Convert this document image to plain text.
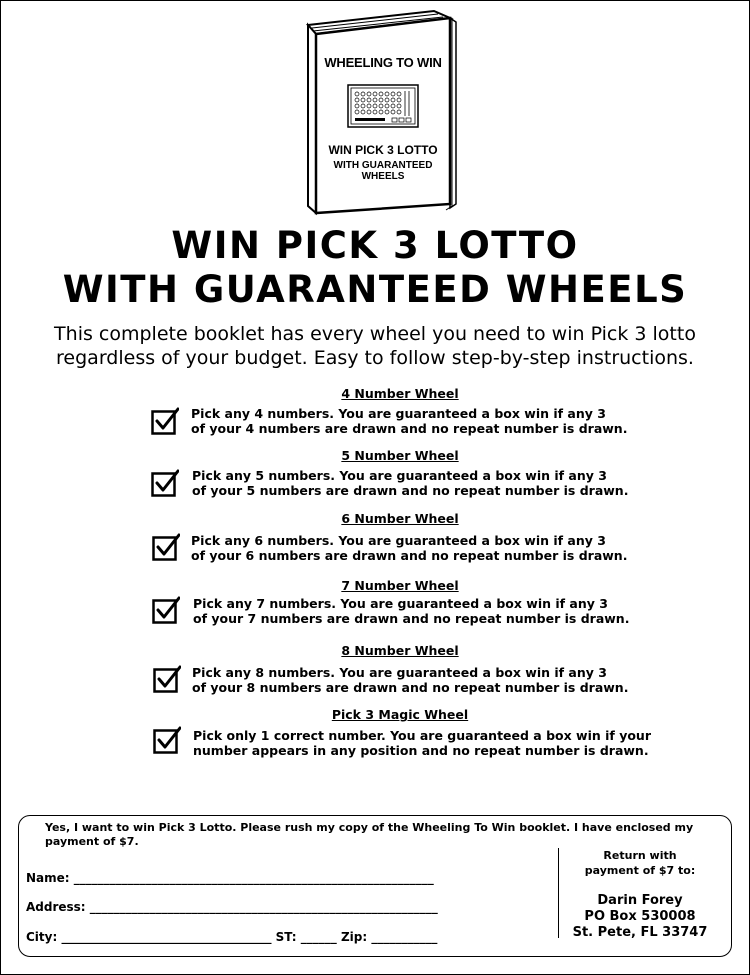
WHEELING TO WIN
WIN PICK 3 LOTTO
WITH GUARANTEED WHEELS
WIN PICK 3 LOTTO
WITH GUARANTEED WHEELS
This complete booklet has every wheel you need to win Pick 3 lotto
regardless of your budget. Easy to follow step-by-step instructions.
4 Number Wheel
Pick any 4 numbers. You are guaranteed a box win if any 3
of your 4 numbers are drawn and no repeat number is drawn.
5 Number Wheel
Pick any 5 numbers. You are guaranteed a box win if any 3
of your 5 numbers are drawn and no repeat number is drawn.
6 Number Wheel
Pick any 6 numbers. You are guaranteed a box win if any 3
of your 6 numbers are drawn and no repeat number is drawn.
7 Number Wheel
Pick any 7 numbers. You are guaranteed a box win if any 3
of your 7 numbers are drawn and no repeat number is drawn.
8 Number Wheel
Pick any 8 numbers. You are guaranteed a box win if any 3
of your 8 numbers are drawn and no repeat number is drawn.
Pick 3 Magic Wheel
Pick only 1 correct number. You are guaranteed a box win if your
number appears in any position and no repeat number is drawn.
Yes, I want to win Pick 3 Lotto. Please rush my copy of the Wheeling To Win booklet. I have enclosed my
payment of $7.
Name: ____________________________________________________________
Address: __________________________________________________________
City: ___________________________________ ST: ______ Zip: ___________
Return with
payment of $7 to:
Darin Forey
PO Box 530008
St. Pete, FL 33747
